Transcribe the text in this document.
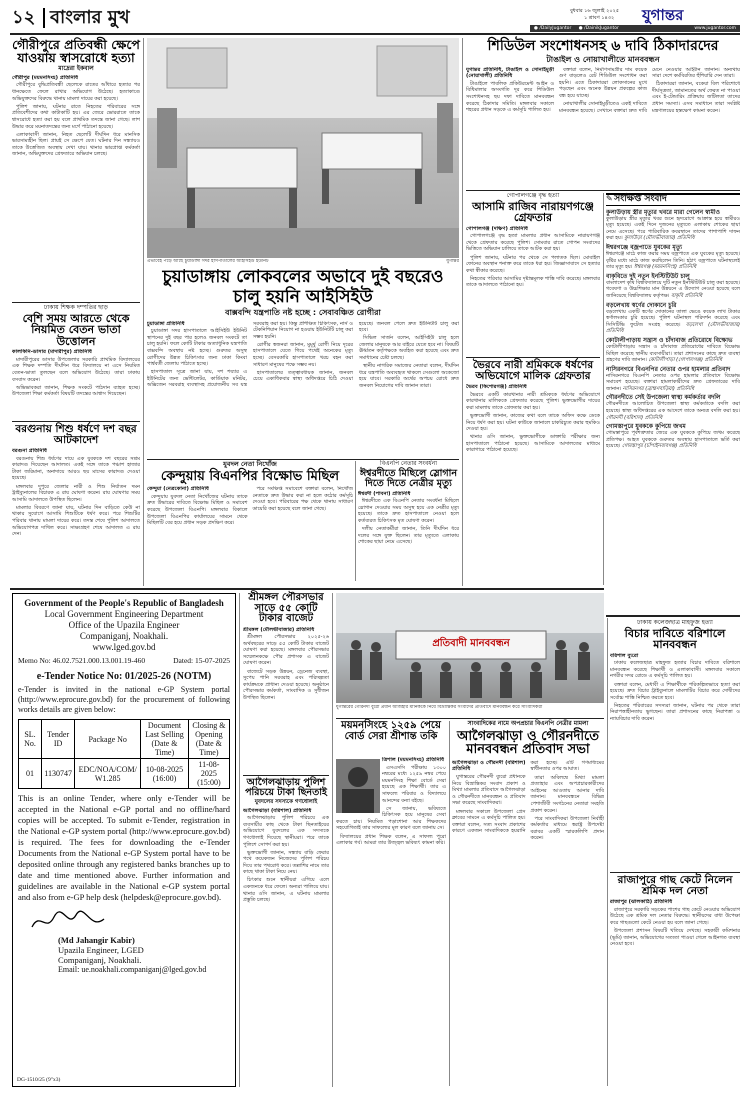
১২ বাংলার মুখ	বুধবার ১৬ জুলাই ২০২৫
১ শ্রাবণ ১৪৩২ যুগান্তর
● /DailyJugantor ● /DainikJugantor	www.jugantor.com
গৌরীপুরে প্রতিবন্ধী ক্ষেপে যাওয়ায় স্বাসরোধে হত্যা
মাদ্রেরা ইকবাল
গৌরীপুর (ময়মনসিংহ) প্রতিনিধি

গৌরীপুরে বুদ্ধিপ্রতিবন্ধী ছেলেকে রাতের আঁধারে হত্যার পর ধানক্ষেতে ফেলে রাখার অভিযোগ উঠেছে। হত্যাকাণ্ডে অভিযুক্তদের বিরুদ্ধে থানায় মামলা দায়ের করা হয়েছে।

পুলিশ জানায়, ঘটনার রাতে নিহতের পরিবারের সঙ্গে প্রতিবেশীদের কথা কাটাকাটি হয়। এর জেরে ভোররাতে তাকে শ্বাসরোধে হত্যা করা হয় বলে প্রাথমিক তদন্তে জানা গেছে। লাশ উদ্ধার করে ময়নাতদন্তের জন্য মর্গে পাঠানো হয়েছে।

এলাকাবাসী জানান, নিহত ছেলেটি দীর্ঘদিন ধরে মানসিক ভারসাম্যহীন ছিল। প্রায়ই সে ক্ষেপে যেত। ঘটনার দিন সন্ধ্যায়ও তাকে উত্তেজিত অবস্থায় দেখা যায়। থানার ভারপ্রাপ্ত কর্মকর্তা জানান, অভিযুক্তদের গ্রেফতারে অভিযান চলছে।

ঢাকায় শিক্ষক দম্পতির ছাড়
বেশি সময় আরতে থেকে নিয়মিত বেতন ভাতা উত্তোলন
কালকিনি-ডাসার (মাদারীপুর) প্রতিনিধি

মাদারীপুরের ডাসার উপজেলার সরকারি প্রাথমিক বিদ্যালয়ের এক শিক্ষক দম্পতি দীর্ঘদিন ধরে বিদ্যালয়ে না এসে নিয়মিত বেতন-ভাতা তুলছেন বলে অভিযোগ উঠেছে। তারা ঢাকায় বসবাস করেন।

অভিভাবকরা জানান, শিক্ষক সংকটে পাঠদান ব্যাহত হচ্ছে। উপজেলা শিক্ষা কর্মকর্তা বিষয়টি তদন্তের আশ্বাস দিয়েছেন।

বরগুনায় শিশু ধর্ষণে দশ বছর আটকাদেশ
বরগুনা প্রতিনিধি

বরগুনায় শিশু ধর্ষণের দায়ে এক যুবককে দশ বছরের সশ্রম কারাদণ্ড দিয়েছেন আদালত। একই সঙ্গে তাকে পঞ্চাশ হাজার টাকা জরিমানা, অনাদায়ে আরও ছয় মাসের কারাদণ্ড দেওয়া হয়েছে।

মঙ্গলবার দুপুরে জেলার নারী ও শিশু নির্যাতন দমন ট্রাইব্যুনালের বিচারক এ রায় ঘোষণা করেন। রায় ঘোষণার সময় আসামি আদালতে উপস্থিত ছিলেন।

মামলার বিবরণে জানা যায়, ঘটনার দিন বাড়িতে কেউ না থাকার সুযোগে আসামি শিশুটিকে ধর্ষণ করে। পরে শিশুটির পরিবার থানায় মামলা দায়ের করে। তদন্ত শেষে পুলিশ আদালতে অভিযোগপত্র দাখিল করে। সাক্ষ্যগ্রহণ শেষে আদালত এ রায় দেন।

এভাবেই পড়ে আছে চুয়াডাঙ্গা সদর হাসপাতালের আইসিইউ ইউনিট	যুগান্তর
চুয়াডাঙ্গায় লোকবলের অভাবে দুই বছরেও চালু হয়নি আইসিইউ
বাক্সবন্দি যন্ত্রপাতি নষ্ট হচ্ছে : সেবাবঞ্চিত রোগীরা
চুয়াডাঙ্গা প্রতিনিধি

চুয়াডাঙ্গা সদর হাসপাতালে আইসিইউ ইউনিট স্থাপনের দুই বছর পার হলেও জনবল সংকটে তা চালু হয়নি। ফলে কোটি টাকার অত্যাধুনিক যন্ত্রপাতি বাক্সবন্দি অবস্থায় নষ্ট হচ্ছে। গুরুতর অসুস্থ রোগীদের উন্নত চিকিৎসার জন্য ঢাকা কিংবা পার্শ্ববর্তী জেলায় পাঠাতে হচ্ছে।

হাসপাতাল সূত্রে জানা যায়, দশ শয্যার এ ইউনিটের জন্য ভেন্টিলেটর, কার্ডিয়াক মনিটর, অক্সিজেন সরবরাহ ব্যবস্থাসহ প্রয়োজনীয় সব যন্ত্র সরবরাহ করা হয়। কিন্তু প্রশিক্ষিত চিকিৎসক, নার্স ও টেকনিশিয়ান নিয়োগ না হওয়ায় ইউনিটটি চালু করা সম্ভব হয়নি।

রোগীর স্বজনরা জানান, মুমূর্ষু রোগী নিয়ে দূরের হাসপাতালে যেতে গিয়ে পথেই অনেকের মৃত্যু হচ্ছে। বেসরকারি হাসপাতালে খরচ বহন করা সাধারণ মানুষের পক্ষে সম্ভব নয়।

হাসপাতালের তত্ত্বাবধায়ক জানান, জনবল চেয়ে একাধিকবার স্বাস্থ্য অধিদপ্তরে চিঠি দেওয়া হয়েছে। জনবল পেলে দ্রুত ইউনিটটি চালু করা হবে।

সিভিল সার্জন বলেন, আইসিইউ চালু হলে জেলার মানুষকে আর বাইরে যেতে হবে না। বিষয়টি ঊর্ধ্বতন কর্তৃপক্ষকে অবহিত করা হয়েছে এবং দ্রুত সমাধানের চেষ্টা চলছে।

স্থানীয় নাগরিক সমাজের নেতারা বলেন, দীর্ঘদিন ধরে যন্ত্রপাতি অব্যবহৃত থাকলে সেগুলো অকেজো হয়ে যাবে। সরকারি অর্থের অপচয় রোধে দ্রুত জনবল নিয়োগের দাবি জানান তারা।

যুবদল নেতা নিখোঁজ
কেন্দুয়ায় বিএনপির বিক্ষোভ মিছিল
কেন্দুয়া (নেত্রকোনা) প্রতিনিধি

কেন্দুয়ায় যুবদল নেতা নিখোঁজের ঘটনায় তাকে দ্রুত উদ্ধারের দাবিতে বিক্ষোভ মিছিল ও সমাবেশ করেছে উপজেলা বিএনপি। মঙ্গলবার বিকালে উপজেলা বিএনপির কার্যালয়ের সামনে থেকে মিছিলটি বের হয়ে প্রধান সড়ক প্রদক্ষিণ করে।

পরে সংক্ষিপ্ত সমাবেশে বক্তারা বলেন, নিখোঁজ নেতাকে দ্রুত উদ্ধার করা না হলে কঠোর কর্মসূচি দেওয়া হবে। পরিবারের পক্ষ থেকে থানায় সাধারণ ডায়েরি করা হয়েছে বলে জানা গেছে।

বিএনপি নেতার সংবর্ধনা
ঈশ্বরদীতে মিছিলে স্লোগান দিতে দিতে নেত্রীর মৃত্যু
ঈশ্বরদী (পাবনা) প্রতিনিধি

ঈশ্বরদীতে এক বিএনপি নেতার সংবর্ধনা মিছিলে স্লোগান দেওয়ার সময় অসুস্থ হয়ে এক নেত্রীর মৃত্যু হয়েছে। তাকে দ্রুত হাসপাতালে নেওয়া হলে কর্তব্যরত চিকিৎসক মৃত ঘোষণা করেন।

দলীয় নেতাকর্মীরা জানান, তিনি দীর্ঘদিন ধরে দলের সঙ্গে যুক্ত ছিলেন। তার মৃত্যুতে এলাকায় শোকের ছায়া নেমে এসেছে।

শিডিউল সংশোধনসহ ৬ দাবি ঠিকাদারদের
টাঙাইল ও নোয়াখালীতে মানববন্ধন
যুগান্তর প্রতিনিধি, টাঙাইল ও সোনাইমুড়ী (নোয়াখালী) প্রতিনিধি

টাঙাইলে পাবলিক প্রকিউরমেন্ট আইন ও বিধিমালার অসংগতি দূর করে শিডিউল সংশোধনসহ ছয় দফা দাবিতে মানববন্ধন করেছে ঠিকাদার সমিতি। মঙ্গলবার সকালে শহরের প্রধান সড়কে এ কর্মসূচি পালিত হয়।

বক্তারা বলেন, নির্মাণসামগ্রীর দাম কয়েক গুণ বাড়লেও রেট শিডিউল সংশোধন করা হয়নি। এতে ঠিকাদাররা লোকসানের মুখে পড়ছেন এবং অনেক উন্নয়ন প্রকল্পের কাজ বন্ধ হয়ে যাচ্ছে।

নোয়াখালীর সোনাইমুড়ীতেও একই দাবিতে মানববন্ধন হয়েছে। সেখানে বক্তারা দ্রুত দাবি মেনে নেওয়ার আহ্বান জানান। অন্যথায় সারা দেশে কর্মবিরতির হুঁশিয়ারি দেন তারা।

ঠিকাদাররা জানান, বকেয়া বিল পরিশোধে দীর্ঘসূত্রতা, জামানতের অর্থ ফেরত না পাওয়া এবং ই-টেন্ডারিং প্রক্রিয়ায় জটিলতা তাদের প্রধান সমস্যা। এসব সমাধানে তারা সংশ্লিষ্ট মন্ত্রণালয়ের হস্তক্ষেপ কামনা করেন।

গোপালগঞ্জে বৃদ্ধ হত্যা
আসামি রাজিব নারায়ণগঞ্জে গ্রেফতার
গোপালগঞ্জ (দক্ষিণ) প্রতিনিধি

গোপালগঞ্জে বৃদ্ধ হত্যা মামলার প্রধান আসামিকে নারায়ণগঞ্জ থেকে গ্রেফতার করেছে পুলিশ। সোমবার রাতে গোপন সংবাদের ভিত্তিতে অভিযান চালিয়ে তাকে আটক করা হয়।

পুলিশ জানায়, ঘটনার পর থেকে সে পলাতক ছিল। মোবাইল ফোনের অবস্থান শনাক্ত করে তাকে ধরা হয়। জিজ্ঞাসাবাদে সে হত্যার কথা স্বীকার করেছে।

নিহতের পরিবার আসামির দৃষ্টান্তমূলক শাস্তি দাবি করেছে। মঙ্গলবার তাকে আদালতে পাঠানো হয়।

ভৈরবে নারী শ্রমিককে ধর্ষণের অভিযোগে মালিক গ্রেফতার
ভৈরব (কিশোরগঞ্জ) প্রতিনিধি

ভৈরবে একটি কারখানার নারী শ্রমিককে ধর্ষণের অভিযোগে কারখানার মালিককে গ্রেফতার করেছে পুলিশ। ভুক্তভোগীর দায়ের করা মামলায় তাকে গ্রেফতার করা হয়।

ভুক্তভোগী জানান, কাজের কথা বলে তাকে অফিস কক্ষে ডেকে নিয়ে ধর্ষণ করা হয়। ঘটনা কাউকে জানালে চাকরিচ্যুত করার হুমকিও দেওয়া হয়।

থানার ওসি জানান, ভুক্তভোগীকে ডাক্তারি পরীক্ষার জন্য হাসপাতালে পাঠানো হয়েছে। আসামিকে আদালতের মাধ্যমে কারাগারে পাঠানো হয়েছে।

✎ সংক্ষিপ্ত সংবাদ
কুলাউড়ায় স্ত্রীর মৃত্যুর খবরে মারা গেলেন স্বামীও
কুলাউড়ায় স্ত্রীর মৃত্যুর খবর শুনে হৃদরোগে আক্রান্ত হয়ে স্বামীরও মৃত্যু হয়েছে। একই দিনে দুজনের মৃত্যুতে এলাকায় শোকের ছায়া নেমে এসেছে। পরে পারিবারিক কবরস্থানে তাদের পাশাপাশি দাফন করা হয়। কুলাউড়া (মৌলভীবাজার) প্রতিনিধি
ঈশ্বরগঞ্জে বজ্রপাতে যুবকের মৃত্যু
ঈশ্বরগঞ্জে মাঠে কাজ করার সময় বজ্রপাতে এক যুবকের মৃত্যু হয়েছে। বৃষ্টির মধ্যে মাঠে কাজ করছিলেন তিনি। হঠাৎ বজ্রপাতে ঘটনাস্থলেই তার মৃত্যু হয়। ঈশ্বরগঞ্জ (ময়মনসিংহ) প্রতিনিধি
বাকৃবিতে দুই নতুন ইনস্টিটিউট চালু
বাংলাদেশ কৃষি বিশ্ববিদ্যালয়ে দুটি নতুন ইনস্টিটিউট চালু করা হয়েছে। গবেষণা ও উচ্চশিক্ষার মান উন্নয়নে এ উদ্যোগ নেওয়া হয়েছে বলে জানিয়েছে বিশ্ববিদ্যালয় কর্তৃপক্ষ। বাকৃবি প্রতিনিধি
বড়লেখায় স্বর্ণের দোকানে চুরি
বড়লেখায় একটি স্বর্ণের দোকানের তালা ভেঙে কয়েক লাখ টাকার স্বর্ণালংকার চুরি হয়েছে। পুলিশ ঘটনাস্থল পরিদর্শন করেছে এবং সিসিটিভি ফুটেজ সংগ্রহ করেছে। বড়লেখা (মৌলভীবাজার) প্রতিনিধি
কোটালীপাড়ায় সন্ত্রাস ও চাঁদাবাজ প্রতিরোধে বিক্ষোভ
কোটালীপাড়ায় সন্ত্রাস ও চাঁদাবাজ প্রতিরোধের দাবিতে বিক্ষোভ মিছিল করেছে স্থানীয় ব্যবসায়ীরা। তারা প্রশাসনের কাছে দ্রুত ব্যবস্থা গ্রহণের দাবি জানান। কোটালীপাড়া (গোপালগঞ্জ) প্রতিনিধি
নাসিরনগরে বিএনপির নেতার ওপর হামলার প্রতিবাদ
নাসিরনগরে বিএনপি নেতার ওপর হামলার প্রতিবাদে বিক্ষোভ সমাবেশ হয়েছে। বক্তারা হামলাকারীদের দ্রুত গ্রেফতারের দাবি জানান। নাসিরনগর (ব্রাহ্মণবাড়িয়া) প্রতিনিধি
গৌরনদীতে সেই উপজেলা স্বাস্থ্য কর্মকর্তার বদলি
গৌরনদীতে আলোচিত উপজেলা স্বাস্থ্য কর্মকর্তাকে বদলি করা হয়েছে। স্বাস্থ্য অধিদপ্তরের এক আদেশে তাকে অন্যত্র বদলি করা হয়। গৌরনদী (বরিশাল) প্রতিনিধি
গোমস্তাপুরে যুবককে কুপিয়ে জখম
গোমস্তাপুরে পূর্বশত্রুতার জেরে এক যুবককে কুপিয়ে জখম করেছে প্রতিপক্ষ। আহত যুবককে গুরুতর অবস্থায় হাসপাতালে ভর্তি করা হয়েছে। গোমস্তাপুর (চাঁপাইনবাবগঞ্জ) প্রতিনিধি
Government of the People's Republic of Bangladesh
Local Government Engineering Department
Office of the Upazila Engineer
Companiganj, Noakhali.
www.lged.gov.bd
Memo No: 46.02.7521.000.13.001.19-460	Dated: 15-07-2025
e-Tender Notice No: 01/2025-26 (NOTM)
e-Tender is invited in the national e-GP System portal (http://www.eprocure.gov.bd) for the procurement of following works details are given below:
SL. No.	Tender ID	Package No	Document Last Selling (Date & Time)	Closing & Opening (Date & Time)
01	1130747	EDC/NOA/COM/ W1.285	10-08-2025 (16:00)	11-08-2025 (15:00)
This is an online Tender, where only e-Tender will be accepted in the National e-GP portal and no offline/hard copies will be accepted. To submit e-Tender, registration in the National e-GP system portal (http://www.eprocure.gov.bd) is required. The fees for downloading the e-Tender Documents from the National e-GP System portal have to be deposited online through any registered banks branches up to date and time mentioned above. Further information and guidelines are available in the National e-GP system portal and also from e-GP help desk (helpdesk@eprocure.gov.bd).
(Md Jahangir Kabir)
Upazila Engineer, LGED
Companiganj, Noakhali.
Email: ue.noakhali.companiganj@lged.gov.bd
DG-1510/25 (9"x3)
শ্রীমঙ্গল পৌরসভার সাড়ে ৫৫ কোটি টাকার বাজেট
শ্রীমঙ্গল (মৌলভীবাজার) প্রতিনিধি

শ্রীমঙ্গল পৌরসভার ২০২৫-২৬ অর্থবছরের সাড়ে ৫৫ কোটি টাকার বাজেট ঘোষণা করা হয়েছে। মঙ্গলবার পৌরসভার সম্মেলনকক্ষে পৌর প্রশাসক এ বাজেট ঘোষণা করেন।

বাজেটে সড়ক উন্নয়ন, ড্রেনেজ ব্যবস্থা, সুপেয় পানি সরবরাহ এবং পরিচ্ছন্নতা কার্যক্রমকে প্রাধান্য দেওয়া হয়েছে। অনুষ্ঠানে পৌরসভার কর্মকর্তা, সাংবাদিক ও সুধীজন উপস্থিত ছিলেন।

আগৈলঝাড়ায় পুলিশ পরিচয়ে টাকা ছিনতাই
যুবদলের সদস্যকে গণধোলাই
আগৈলঝাড়া (বরিশাল) প্রতিনিধি

আগৈলঝাড়ায় পুলিশ পরিচয়ে এক ব্যবসায়ীর কাছ থেকে টাকা ছিনতাইয়ের অভিযোগে যুবদলের এক সদস্যকে গণধোলাই দিয়েছে স্থানীয়রা। পরে তাকে পুলিশে সোপর্দ করা হয়।

ভুক্তভোগী জানান, সন্ধ্যায় বাড়ি ফেরার পথে কয়েকজন নিজেদের পুলিশ পরিচয় দিয়ে তার পথরোধ করে। তল্লাশির নামে তার কাছে থাকা টাকা নিয়ে নেয়।

চিৎকার শুনে স্থানীয়রা এগিয়ে এলে একজনকে ধরে ফেলে। অন্যরা পালিয়ে যায়। থানার ওসি জানান, এ ঘটনায় মামলার প্রস্তুতি চলছে।

প্রতিবাদী মানববন্ধন
যুগান্তরের গৌরনদী বুরো প্রধান আজহার মানিককে নিয়ে বিভ্রান্তিকর সংবাদের প্রতিবাদে মানববন্ধন করে সাংবাদিকরা
ময়মনসিংহে ১২৫৯ পেয়ে বোর্ড সেরা শ্রীশান্ত তকি
ত্রিশাল (ময়মনসিংহ) প্রতিনিধি

এসএসসি পরীক্ষায় ১৩০০ নম্বরের মধ্যে ১২৫৯ নম্বর পেয়ে ময়মনসিংহ শিক্ষা বোর্ডে সেরা হয়েছে এক শিক্ষার্থী। তার এ সাফল্যে পরিবার ও বিদ্যালয়ে আনন্দের বন্যা বইছে।

সে জানায়, ভবিষ্যতে চিকিৎসক হয়ে মানুষের সেবা করতে চায়। নিয়মিত পড়াশোনা আর শিক্ষকদের সহযোগিতাই তার সাফল্যের মূল কারণ বলে জানায় সে।

বিদ্যালয়ের প্রধান শিক্ষক বলেন, এ সাফল্য পুরো এলাকার গর্ব। আমরা তার উজ্জ্বল ভবিষ্যৎ কামনা করি।

সাংবাদিকের নামে অপপ্রচার বিএনপি নেত্রীর মামলা
আগৈলঝাড়া ও গৌরনদীতে মানববন্ধন প্রতিবাদ সভা
আগৈলঝাড়া ও গৌরনদী (বরিশাল) প্রতিনিধি

যুগান্তরের গৌরনদী ব্যুরো প্রধানকে নিয়ে বিভ্রান্তিকর সংবাদ প্রকাশ ও মিথ্যা মামলার প্রতিবাদে আগৈলঝাড়া ও গৌরনদীতে মানববন্ধন ও প্রতিবাদ সভা করেছে সাংবাদিকরা।

মঙ্গলবার সকালে উপজেলা প্রেস ক্লাবের সামনে এ কর্মসূচি পালিত হয়। বক্তারা বলেন, সত্য সংবাদ প্রকাশের কারণে একজন সাংবাদিককে হয়রানি করা হচ্ছে। এটি গণমাধ্যমের স্বাধীনতার ওপর আঘাত।

তারা অবিলম্বে মিথ্যা মামলা প্রত্যাহার এবং অপপ্রচারকারীদের আইনের আওতায় আনার দাবি জানান। মানববন্ধনে বিভিন্ন পেশাজীবী সংগঠনের নেতারা সংহতি প্রকাশ করেন।

পরে সাংবাদিকরা উপজেলা নির্বাহী কর্মকর্তার মাধ্যমে স্বরাষ্ট্র উপদেষ্টা বরাবর একটি স্মারকলিপি প্রদান করেন।

ঢাকায় কলেজছাত্র মাহফুজ হত্যা
বিচার দাবিতে বরিশালে মানববন্ধন
বরিশাল ব্যুরো

ঢাকায় কলেজছাত্র মাহফুজ হত্যার বিচার দাবিতে বরিশালে মানববন্ধন করেছে শিক্ষার্থী ও এলাকাবাসী। মঙ্গলবার সকালে নগরীর সদর রোডে এ কর্মসূচি পালিত হয়।

বক্তারা বলেন, মেধাবী এ শিক্ষার্থীকে পরিকল্পিতভাবে হত্যা করা হয়েছে। দ্রুত বিচার ট্রাইব্যুনালে মামলাটির বিচার করে দোষীদের সর্বোচ্চ শাস্তি নিশ্চিত করতে হবে।

নিহতের পরিবারের সদস্যরা জানান, ঘটনার পর থেকে তারা নিরাপত্তাহীনতায় ভুগছেন। তারা প্রশাসনের কাছে নিরাপত্তা ও ন্যায়বিচার দাবি করেন।

রাজাপুরে গাছ কেটে নিলেন শ্রমিক দল নেতা
রাজাপুর (ঝালকাঠি) প্রতিনিধি

রাজাপুরে সরকারি সড়কের পাশের গাছ কেটে নেওয়ার অভিযোগ উঠেছে এক শ্রমিক দল নেতার বিরুদ্ধে। স্থানীয়দের বাধা উপেক্ষা করে গাছগুলো কেটে নেওয়া হয় বলে জানা গেছে।

উপজেলা প্রশাসন বিষয়টি খতিয়ে দেখছে। সহকারী কমিশনার (ভূমি) জানান, অভিযোগের সত্যতা পাওয়া গেলে আইনগত ব্যবস্থা নেওয়া হবে।
